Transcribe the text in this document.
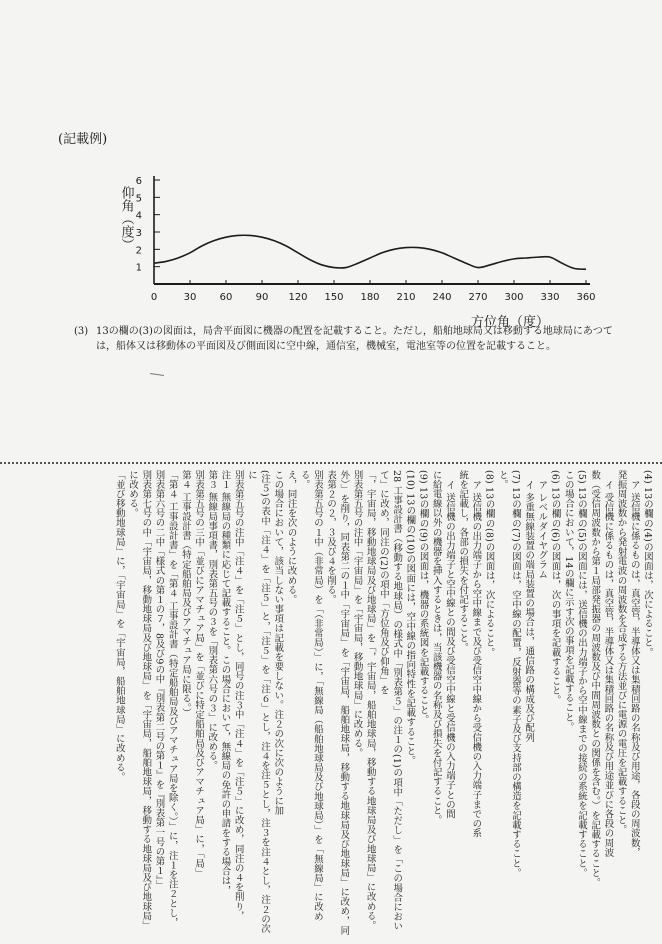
(記載例)
1
2
3
4
5
6
0	30 60 90 120 150 180 210 240 270 300 330 360
仰角（度）
方位角（度）
(3) 13の欄の(3)の図面は，局舎平面図に機器の配置を記載すること。ただし，船舶地球局又は移動する地球局にあつて
は，船体又は移動体の平面図及び側面図に空中線，通信室，機械室，電池室等の位置を記載すること。
(4) 13の欄の(4)の図面は，次によること。
ア 送信機に係るものは，真空管，半導体又は集積回路の名称及び用途，各段の周波数，
発振周波数から発射電波の周波数を合成する方法並びに電源の電圧を記載すること。
イ 受信機に係るものは，真空管，半導体又は集積回路の名称及び用途並びに各段の周波
数（受信周波数から第１局部発振器の周波数及び中間周波数との関係を含む。）を記載すること。
(5) 13の欄の(5)の図面には，送信機の出力端子から空中線までの接続の系統を記載すること。
この場合において，14の欄に示す次の事項を記載すること。
(6) 13の欄の(6)の図面は，次の事項を記載すること。
ア レベルダイヤグラム
イ 多重無線装置の端局装置の場合は，通信路の構成及び配列
(7) 13の欄の(7)の図面は，空中線の配置，反射器等の素子及び支持部の構造を記載すること。
と。
(8) 13の欄の(8)の図面は，次によること。
ア 送信機の出力端子から空中線まで及び受信空中線から受信機の入力端子までの系
統を記載し，各部の損失を付記すること。
イ 送信機の出力端子と空中線との間及び受信空中線と受信機の入力端子との間
に給電線以外の機器を挿入するときは，当該機器の名称及び損失を付記すること。
(9) 13の欄の(9)の図面は，機器の系統図を記載すること。
(10) 13の欄の(10)の図面には，空中線の指向特性を記載すること。
28 工事設計書（移動する地球局）の様式中「別表第５」の注１の(1)の項中「ただし」を「この場合において」に改め，同注の(2)の項中「方位角及び仰角」を
「，宇宙局，移動地球局及び地球局」を「，宇宙局，船舶地球局，移動する地球局及び地球局」に改める。
別表第五号の注中「宇宙局」を「宇宙局，移動地球局」に改める。
外）」を削り，同表第二の１中「宇宙局」を「宇宙局，船舶地球局，移動する地球局及び地球局」に改め，同表第２の２，３及び４を削る。
別表第五号の１中（非常局）を「（非常局）」に，「無線局（船舶地球局及び地球局）」を「無線局」に改める。
え，同注を次のように改める。
この場合において，該当しない事項は記載を要しない。注２の次に次のように加
(注５)の表中「注４」を「注５」と，「注５」を「注６」とし，注４を注５とし，注３を注４とし，注２の次に
別表第五号の注中「注４」を「注５」とし，同号の注３中「注４」を「注５」に改め，同注の４を削り，
注１ 無線局の種類に応じて記載すること。この場合において，無線局の免許の申請をする場合は，
第３ 無線局事項書，別表第五号の３を「別表第六号の３」に改める。
別表第五号の三中「並びにアマチュア局」を「並びに特定船舶局及びアマチュア局」に，「局」
第４ 工事設計書（特定船舶局及びアマチュア局に限る。）
「第４ 工事設計書」を「第４ 工事設計書（特定船舶局及びアマチュア局を除く。）」に，注１を注２とし，
別表第六号の二中「様式の第１の７，8及び9の中『別表第二号の第１』を『別表第一号の第１』」
別表第七号の中「宇宙局，移動地球局及び地球局」を「宇宙局，船舶地球局，移動する地球局及び地球局」に改める。
「並び移動地球局」に，「宇宙局」を「宇宙局，船舶地球局」に改める。
